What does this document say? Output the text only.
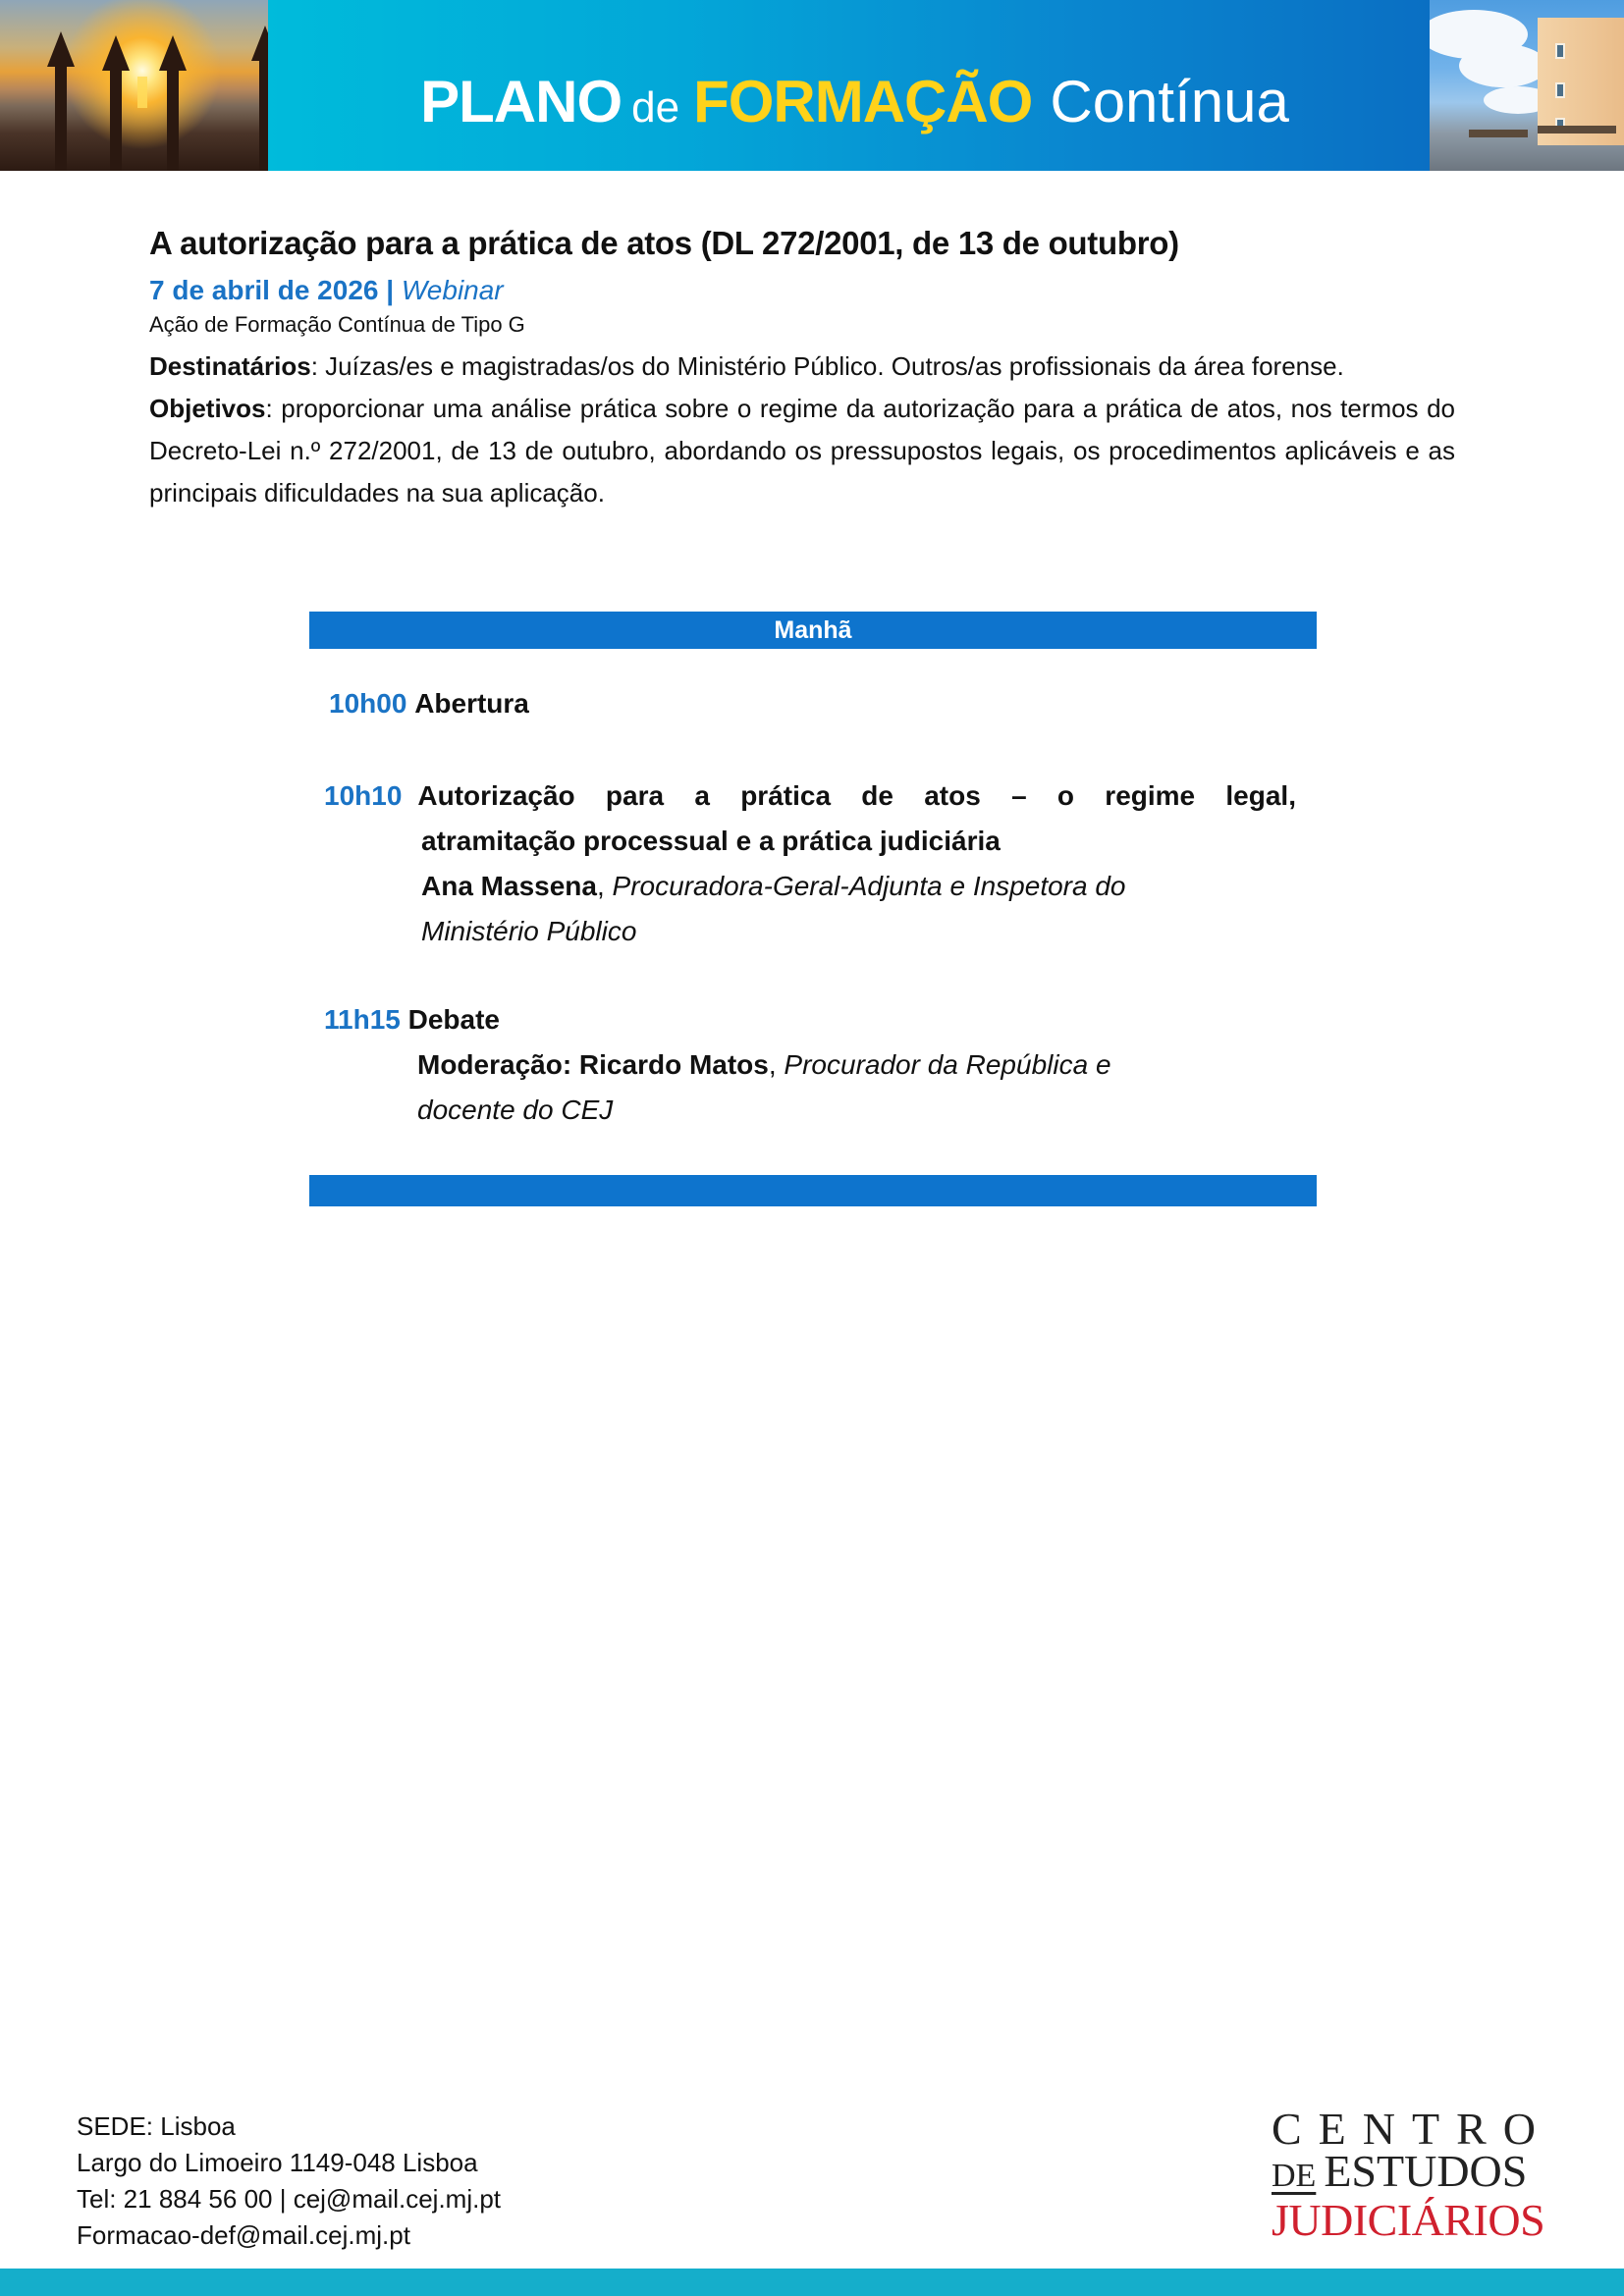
PLANO de FORMAÇÃO Contínua
A autorização para a prática de atos (DL 272/2001, de 13 de outubro)
7 de abril de 2026 | Webinar
Ação de Formação Contínua de Tipo G
Destinatários: Juízas/es e magistradas/os do Ministério Público. Outros/as profissionais da área forense.
Objetivos: proporcionar uma análise prática sobre o regime da autorização para a prática de atos, nos termos do Decreto-Lei n.º 272/2001, de 13 de outubro, abordando os pressupostos legais, os procedimentos aplicáveis e as principais dificuldades na sua aplicação.
Manhã
10h00 Abertura
10h10 Autorização para a prática de atos – o regime legal,
atramitação processual e a prática judiciária
Ana Massena, Procuradora-Geral-Adjunta e Inspetora do
Ministério Público
11h15 Debate
Moderação: Ricardo Matos, Procurador da República e
docente do CEJ
SEDE: Lisboa
Largo do Limoeiro 1149-048 Lisboa
Tel: 21 884 56 00 | cej@mail.cej.mj.pt
Formacao-def@mail.cej.mj.pt
CENTRO
DE ESTUDOS
JUDICIÁRIOS
